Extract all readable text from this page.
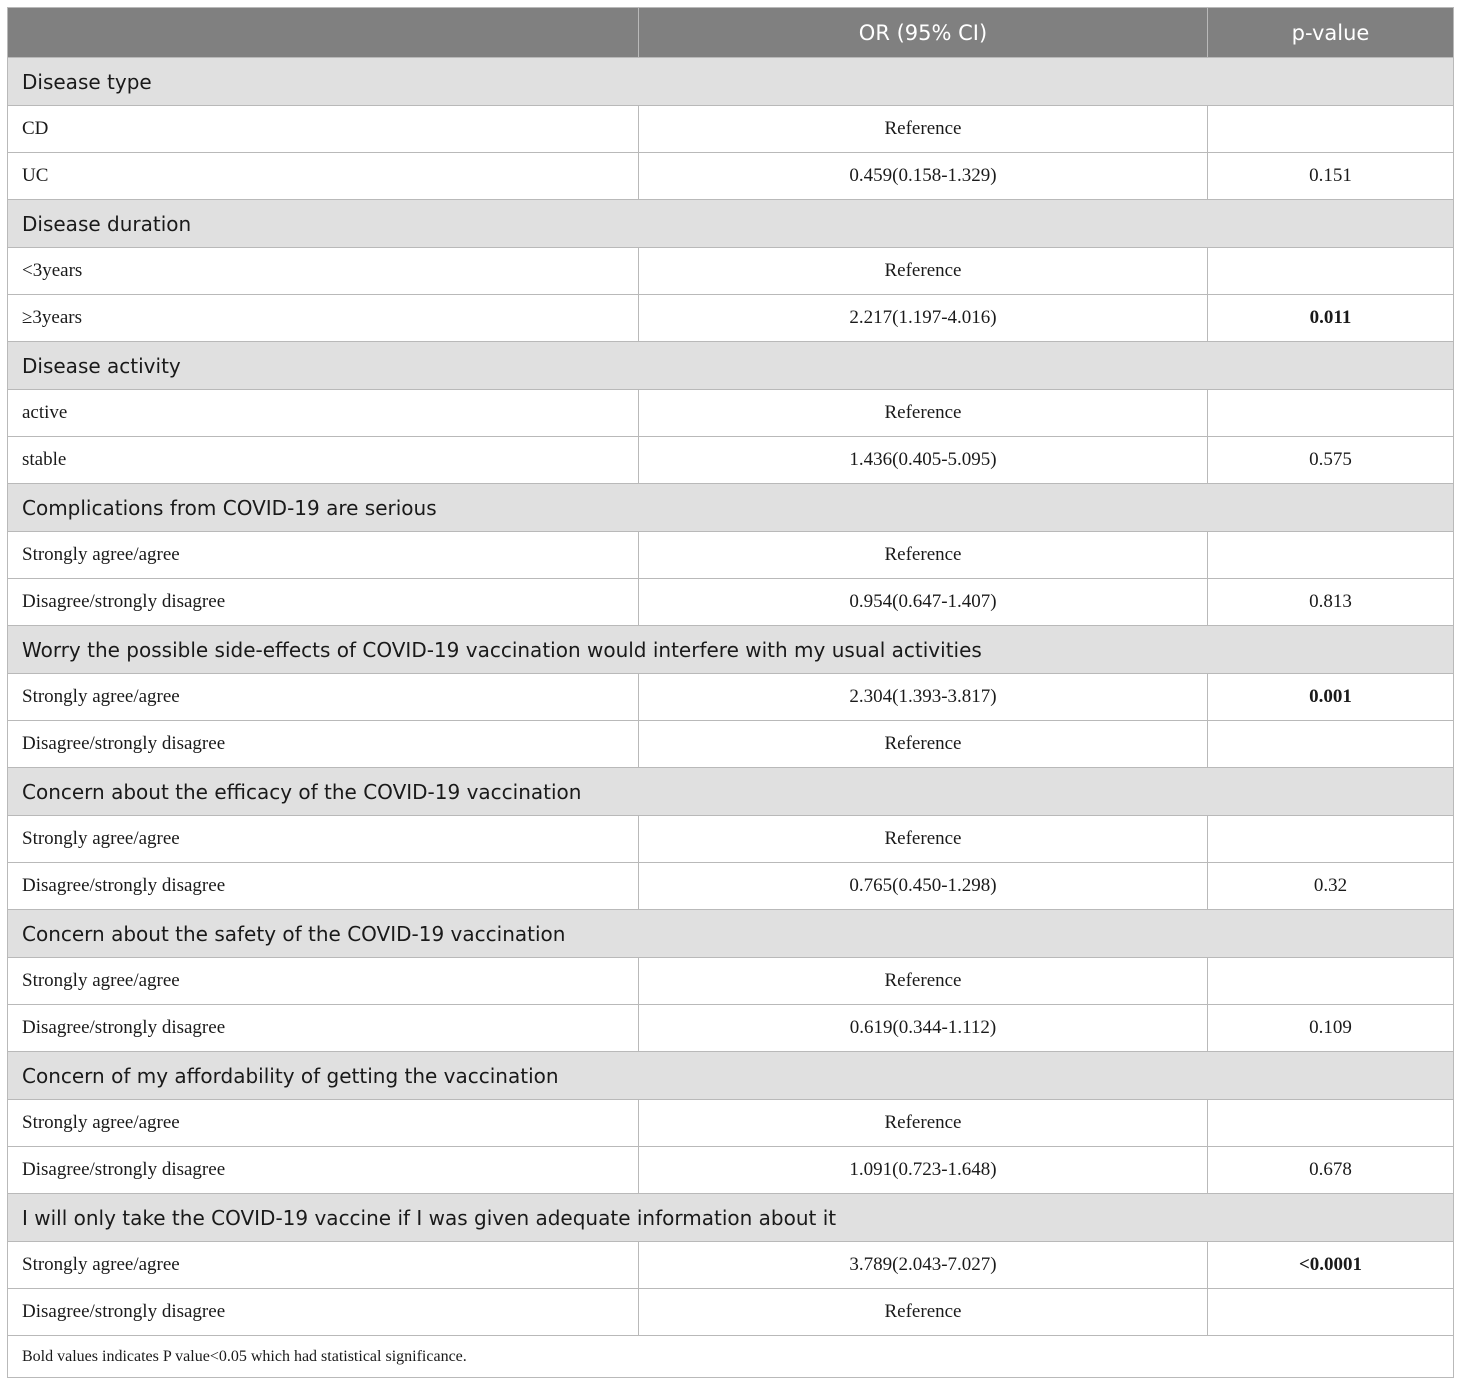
	OR (95% CI)	p-value
Disease type		
CD	Reference	
UC	0.459(0.158-1.329)	0.151
Disease duration		
<3years	Reference	
≥3years	2.217(1.197-4.016)	0.011
Disease activity		
active	Reference	
stable	1.436(0.405-5.095)	0.575
Complications from COVID-19 are serious		
Strongly agree/agree	Reference	
Disagree/strongly disagree	0.954(0.647-1.407)	0.813
Worry the possible side-effects of COVID-19 vaccination would interfere with my usual activities		
Strongly agree/agree	2.304(1.393-3.817)	0.001
Disagree/strongly disagree	Reference	
Concern about the efficacy of the COVID-19 vaccination		
Strongly agree/agree	Reference	
Disagree/strongly disagree	0.765(0.450-1.298)	0.32
Concern about the safety of the COVID-19 vaccination		
Strongly agree/agree	Reference	
Disagree/strongly disagree	0.619(0.344-1.112)	0.109
Concern of my affordability of getting the vaccination		
Strongly agree/agree	Reference	
Disagree/strongly disagree	1.091(0.723-1.648)	0.678
I will only take the COVID-19 vaccine if I was given adequate information about it		
Strongly agree/agree	3.789(2.043-7.027)	<0.0001
Disagree/strongly disagree	Reference	
Bold values indicates P value<0.05 which had statistical significance.		
